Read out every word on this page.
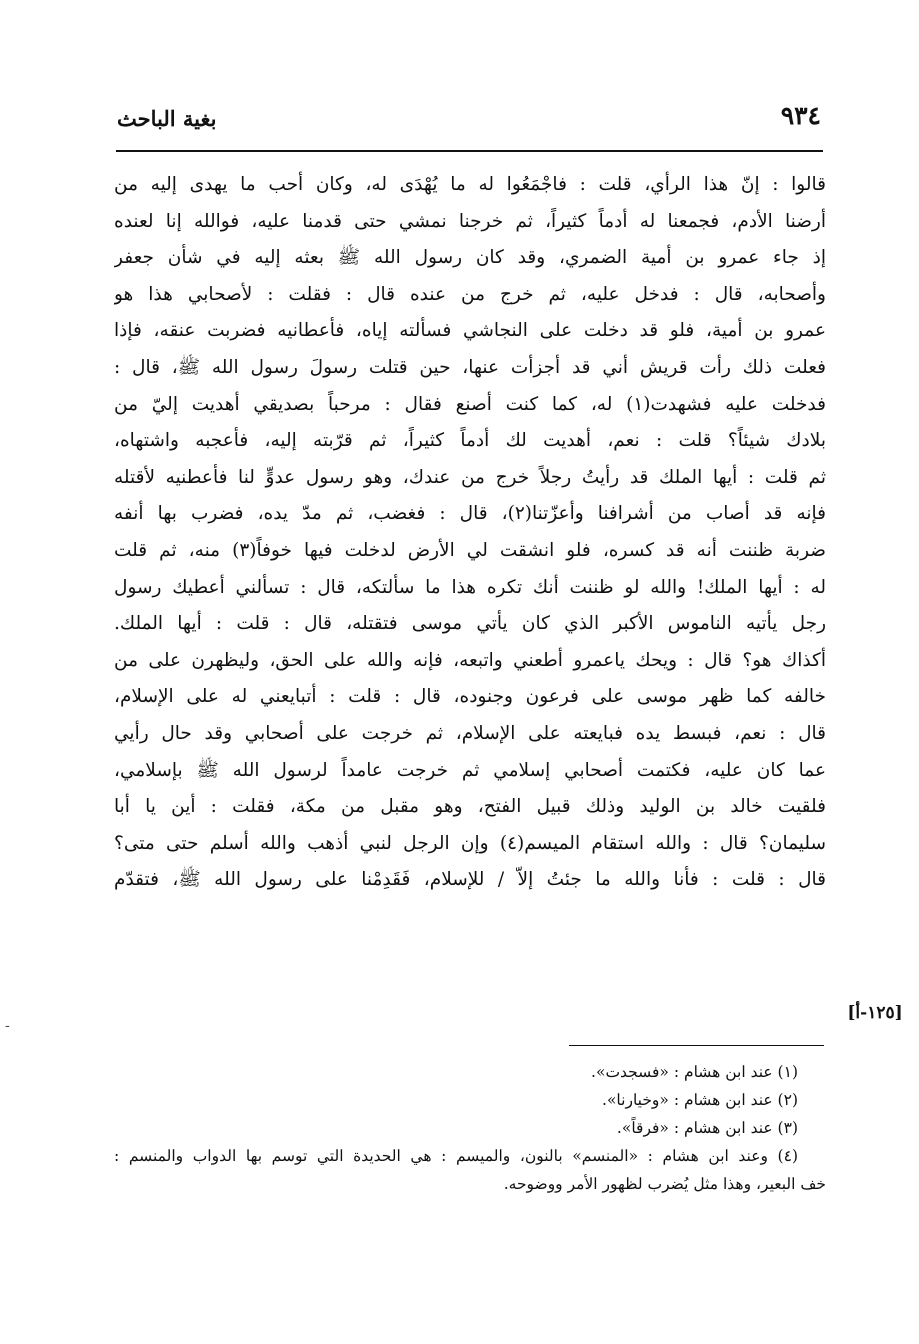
٩٣٤

بغية الباحث

قالوا : إنّ هذا الرأي، قلت : فاجْمَعُوا له ما يُهْدَى له، وكان أحب ما يهدى إليه من
أرضنا الأدم، فجمعنا له أدماً كثيراً، ثم خرجنا نمشي حتى قدمنا عليه، فوالله إنا لعنده
إذ جاء عمرو بن أمية الضمري، وقد كان رسول الله ﷺ بعثه إليه في شأن جعفر
وأصحابه، قال : فدخل عليه، ثم خرج من عنده قال : فقلت : لأصحابي هذا هو
عمرو بن أمية، فلو قد دخلت على النجاشي فسألته إياه، فأعطانيه فضربت عنقه، فإذا
فعلت ذلك رأت قريش أني قد أجزأت عنها، حين قتلت رسولَ رسول الله ﷺ، قال :
فدخلت عليه فشهدت(١) له، كما كنت أصنع فقال : مرحباً بصديقي أهديت إليّ من
بلادك شيئاً؟ قلت : نعم، أهديت لك أدماً كثيراً، ثم قرّبته إليه، فأعجبه واشتهاه،
ثم قلت : أيها الملك قد رأيتُ رجلاً خرج من عندك، وهو رسول عدوٍّ لنا فأعطنيه لأقتله
فإنه قد أصاب من أشرافنا وأعزّتنا(٢)، قال : فغضب، ثم مدّ يده، فضرب بها أنفه
ضربة ظننت أنه قد كسره، فلو انشقت لي الأرض لدخلت فيها خوفاً(٣) منه، ثم قلت
له : أيها الملك! والله لو ظننت أنك تكره هذا ما سألتكه، قال : تسألني أعطيك رسول
رجل يأتيه الناموس الأكبر الذي كان يأتي موسى فتقتله، قال : قلت : أيها الملك.
أكذاك هو؟ قال : ويحك ياعمرو أطعني واتبعه، فإنه والله على الحق، وليظهرن على من
خالفه كما ظهر موسى على فرعون وجنوده، قال : قلت : أتبايعني له على الإسلام،
قال : نعم، فبسط يده فبايعته على الإسلام، ثم خرجت على أصحابي وقد حال رأيي
عما كان عليه، فكتمت أصحابي إسلامي ثم خرجت عامداً لرسول الله ﷺ بإسلامي،
فلقيت خالد بن الوليد وذلك قبيل الفتح، وهو مقبل من مكة، فقلت : أين يا أبا
سليمان؟ قال : والله استقام الميسم(٤) وإن الرجل لنبي أذهب والله أسلم حتى متى؟
قال : قلت : فأنا والله ما جئتُ إلاّ / للإسلام، فَقَدِمْنا على رسول الله ﷺ، فتقدّم

[١٢٥-أ]

(١) عند ابن هشام : «فسجدت».
(٢) عند ابن هشام : «وخيارنا».
(٣) عند ابن هشام : «فرقاً».
(٤) وعند ابن هشام : «المنسم» بالنون، والميسم : هي الحديدة التي توسم بها الدواب والمنسم :
خف البعير، وهذا مثل يُضرب لظهور الأمر ووضوحه.

-
